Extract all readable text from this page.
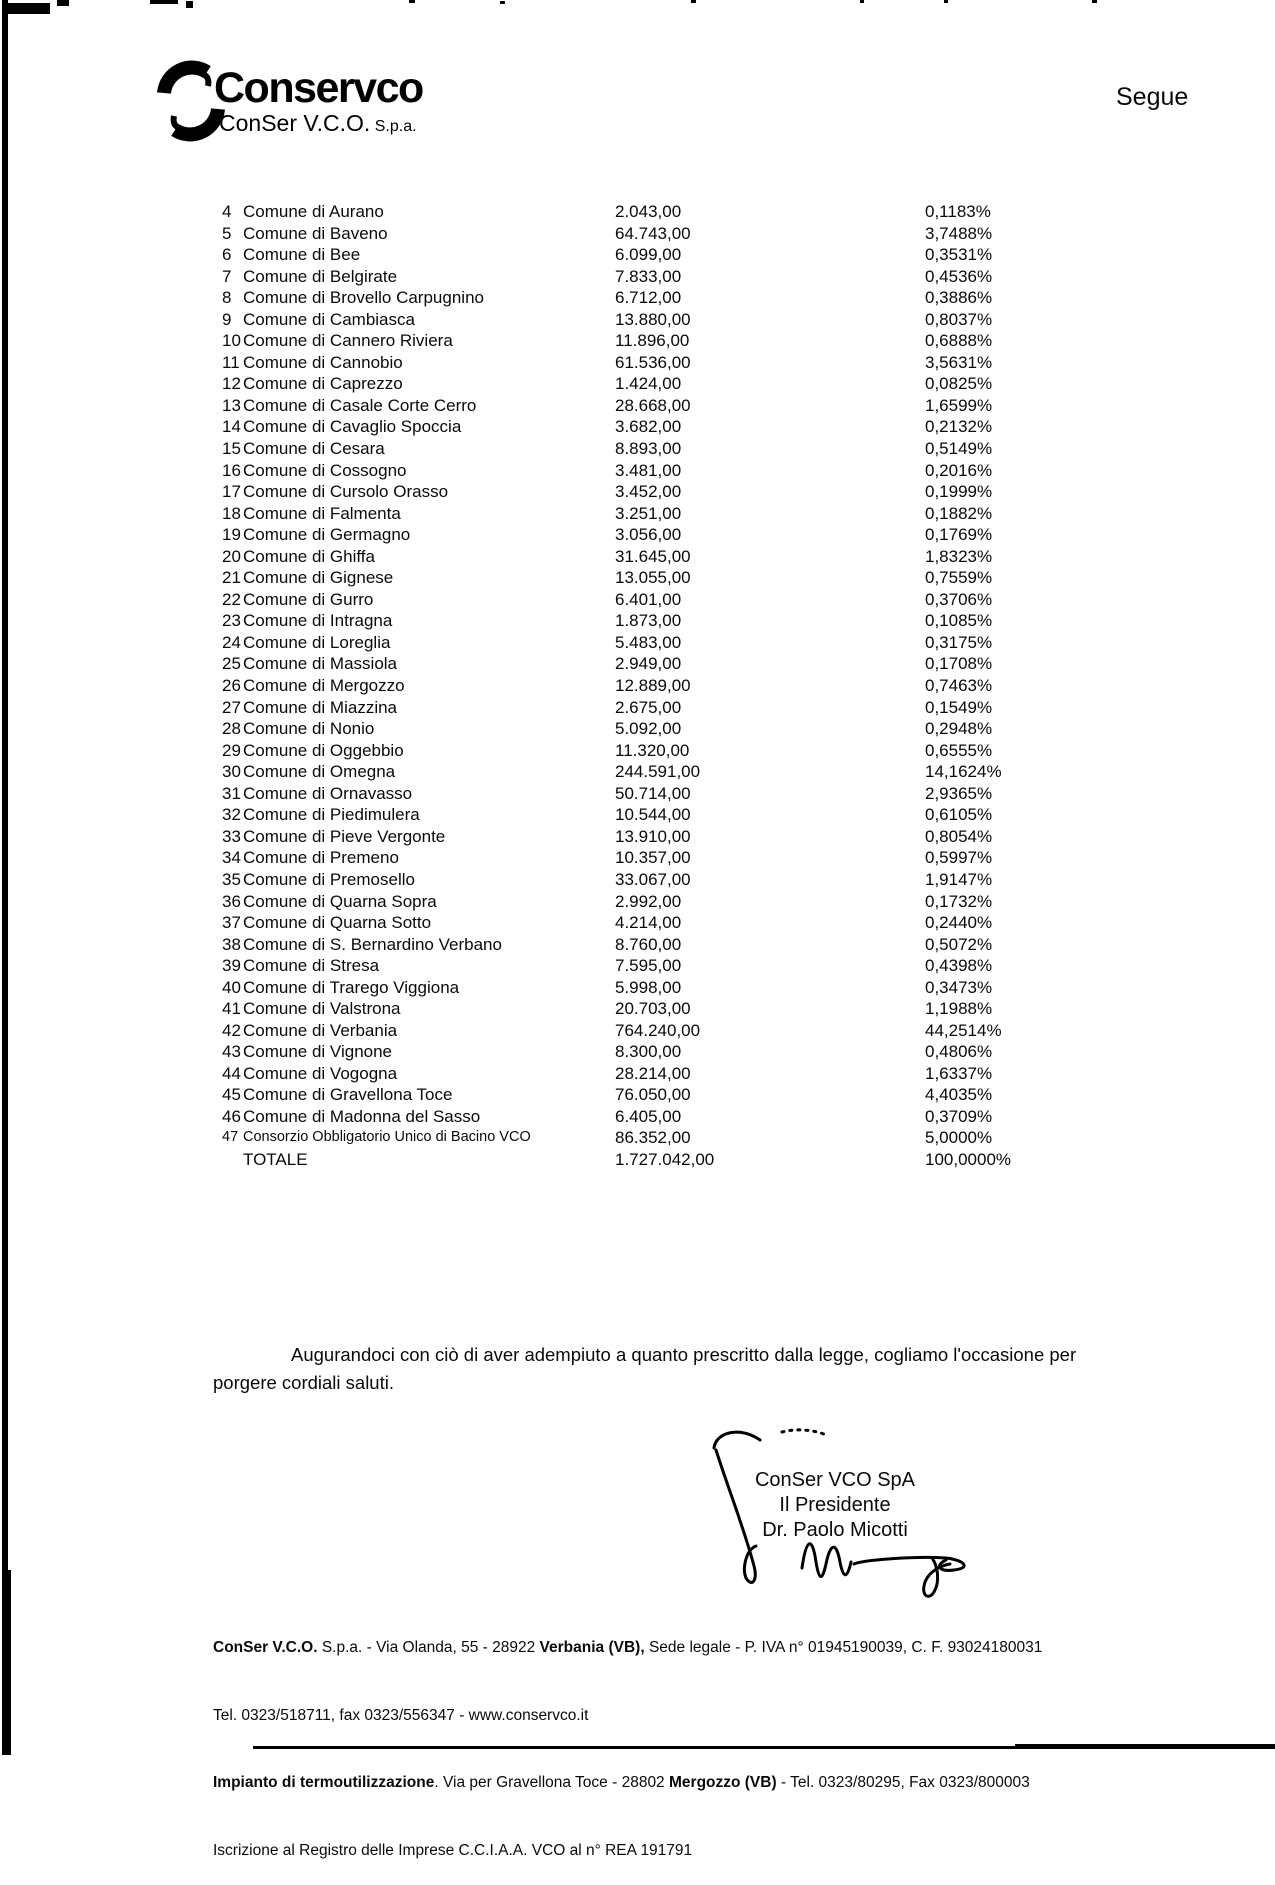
Conservco
ConSer V.C.O. S.p.a.
Segue
4 Comune di Aurano	2.043,00	0,1183%
5 Comune di Baveno	64.743,00	3,7488%
6 Comune di Bee	6.099,00	0,3531%
7 Comune di Belgirate	7.833,00	0,4536%
8 Comune di Brovello Carpugnino	6.712,00	0,3886%
9 Comune di Cambiasca	13.880,00	0,8037%
10 Comune di Cannero Riviera	11.896,00	0,6888%
11 Comune di Cannobio	61.536,00	3,5631%
12 Comune di Caprezzo	1.424,00	0,0825%
13 Comune di Casale Corte Cerro	28.668,00	1,6599%
14 Comune di Cavaglio Spoccia	3.682,00	0,2132%
15 Comune di Cesara	8.893,00	0,5149%
16 Comune di Cossogno	3.481,00	0,2016%
17 Comune di Cursolo Orasso	3.452,00	0,1999%
18 Comune di Falmenta	3.251,00	0,1882%
19 Comune di Germagno	3.056,00	0,1769%
20 Comune di Ghiffa	31.645,00	1,8323%
21 Comune di Gignese	13.055,00	0,7559%
22 Comune di Gurro	6.401,00	0,3706%
23 Comune di Intragna	1.873,00	0,1085%
24 Comune di Loreglia	5.483,00	0,3175%
25 Comune di Massiola	2.949,00	0,1708%
26 Comune di Mergozzo	12.889,00	0,7463%
27 Comune di Miazzina	2.675,00	0,1549%
28 Comune di Nonio	5.092,00	0,2948%
29 Comune di Oggebbio	11.320,00	0,6555%
30 Comune di Omegna	244.591,00	14,1624%
31 Comune di Ornavasso	50.714,00	2,9365%
32 Comune di Piedimulera	10.544,00	0,6105%
33 Comune di Pieve Vergonte	13.910,00	0,8054%
34 Comune di Premeno	10.357,00	0,5997%
35 Comune di Premosello	33.067,00	1,9147%
36 Comune di Quarna Sopra	2.992,00	0,1732%
37 Comune di Quarna Sotto	4.214,00	0,2440%
38 Comune di S. Bernardino Verbano	8.760,00	0,5072%
39 Comune di Stresa	7.595,00	0,4398%
40 Comune di Trarego Viggiona	5.998,00	0,3473%
41 Comune di Valstrona	20.703,00	1,1988%
42 Comune di Verbania	764.240,00	44,2514%
43 Comune di Vignone	8.300,00	0,4806%
44 Comune di Vogogna	28.214,00	1,6337%
45 Comune di Gravellona Toce	76.050,00	4,4035%
46 Comune di Madonna del Sasso	6.405,00	0,3709%
47 Consorzio Obbligatorio Unico di Bacino VCO	86.352,00	5,0000%
TOTALE	1.727.042,00	100,0000%
Augurandoci con ciò di aver adempiuto a quanto prescritto dalla legge, cogliamo l'occasione per porgere cordiali saluti.
ConSer VCO SpA
Il Presidente
Dr. Paolo Micotti

ConSer V.C.O. S.p.a. - Via Olanda, 55 - 28922 Verbania (VB), Sede legale - P. IVA n° 01945190039, C. F. 93024180031

Tel. 0323/518711, fax 0323/556347 - www.conservco.it

Impianto di termoutilizzazione. Via per Gravellona Toce - 28802 Mergozzo (VB) - Tel. 0323/80295, Fax 0323/800003

Iscrizione al Registro delle Imprese C.C.I.A.A. VCO al n° REA 191791
